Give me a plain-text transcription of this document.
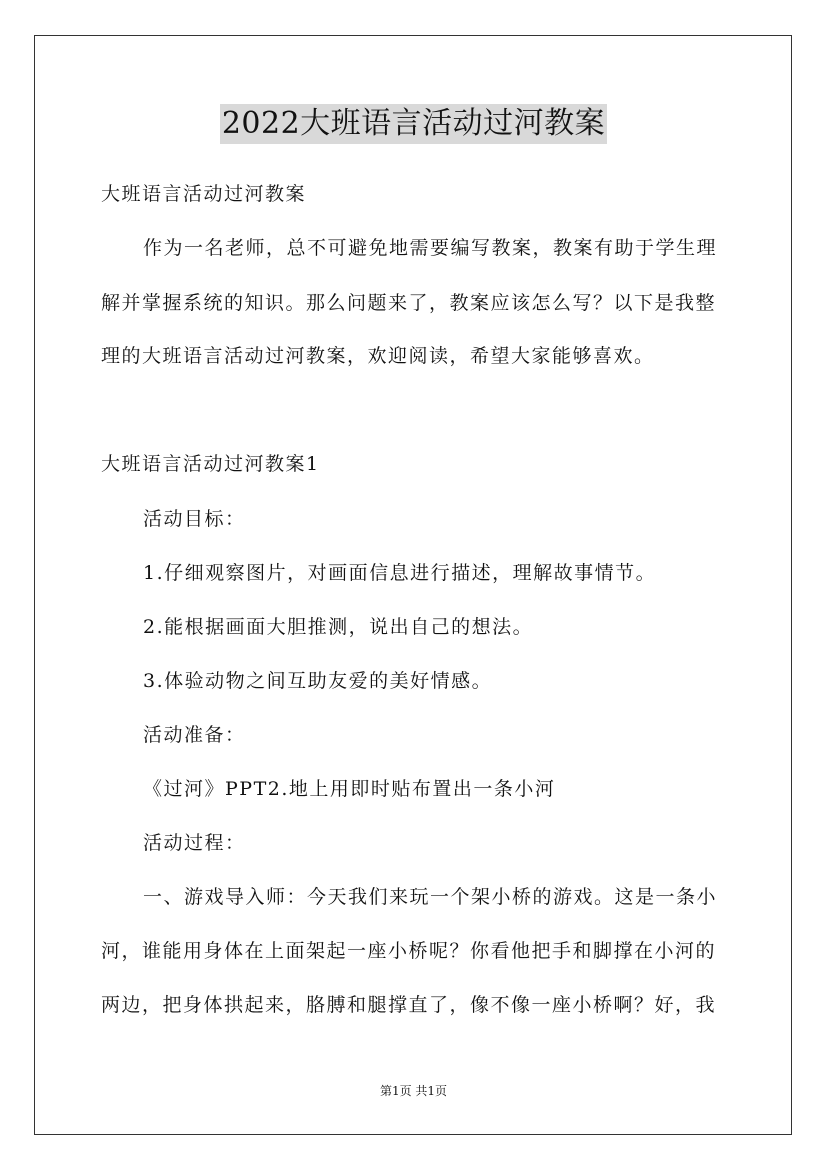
2022大班语言活动过河教案

大班语言活动过河教案

作为一名老师，总不可避免地需要编写教案，教案有助于学生理

解并掌握系统的知识。那么问题来了，教案应该怎么写？以下是我整

理的大班语言活动过河教案，欢迎阅读，希望大家能够喜欢。

大班语言活动过河教案1

活动目标：

1.仔细观察图片，对画面信息进行描述，理解故事情节。

2.能根据画面大胆推测，说出自己的想法。

3.体验动物之间互助友爱的美好情感。

活动准备：

《过河》PPT2.地上用即时贴布置出一条小河

活动过程：

一、游戏导入师：今天我们来玩一个架小桥的游戏。这是一条小

河，谁能用身体在上面架起一座小桥呢？你看他把手和脚撑在小河的

两边，把身体拱起来，胳膊和腿撑直了，像不像一座小桥啊？好，我

第1页 共1页
